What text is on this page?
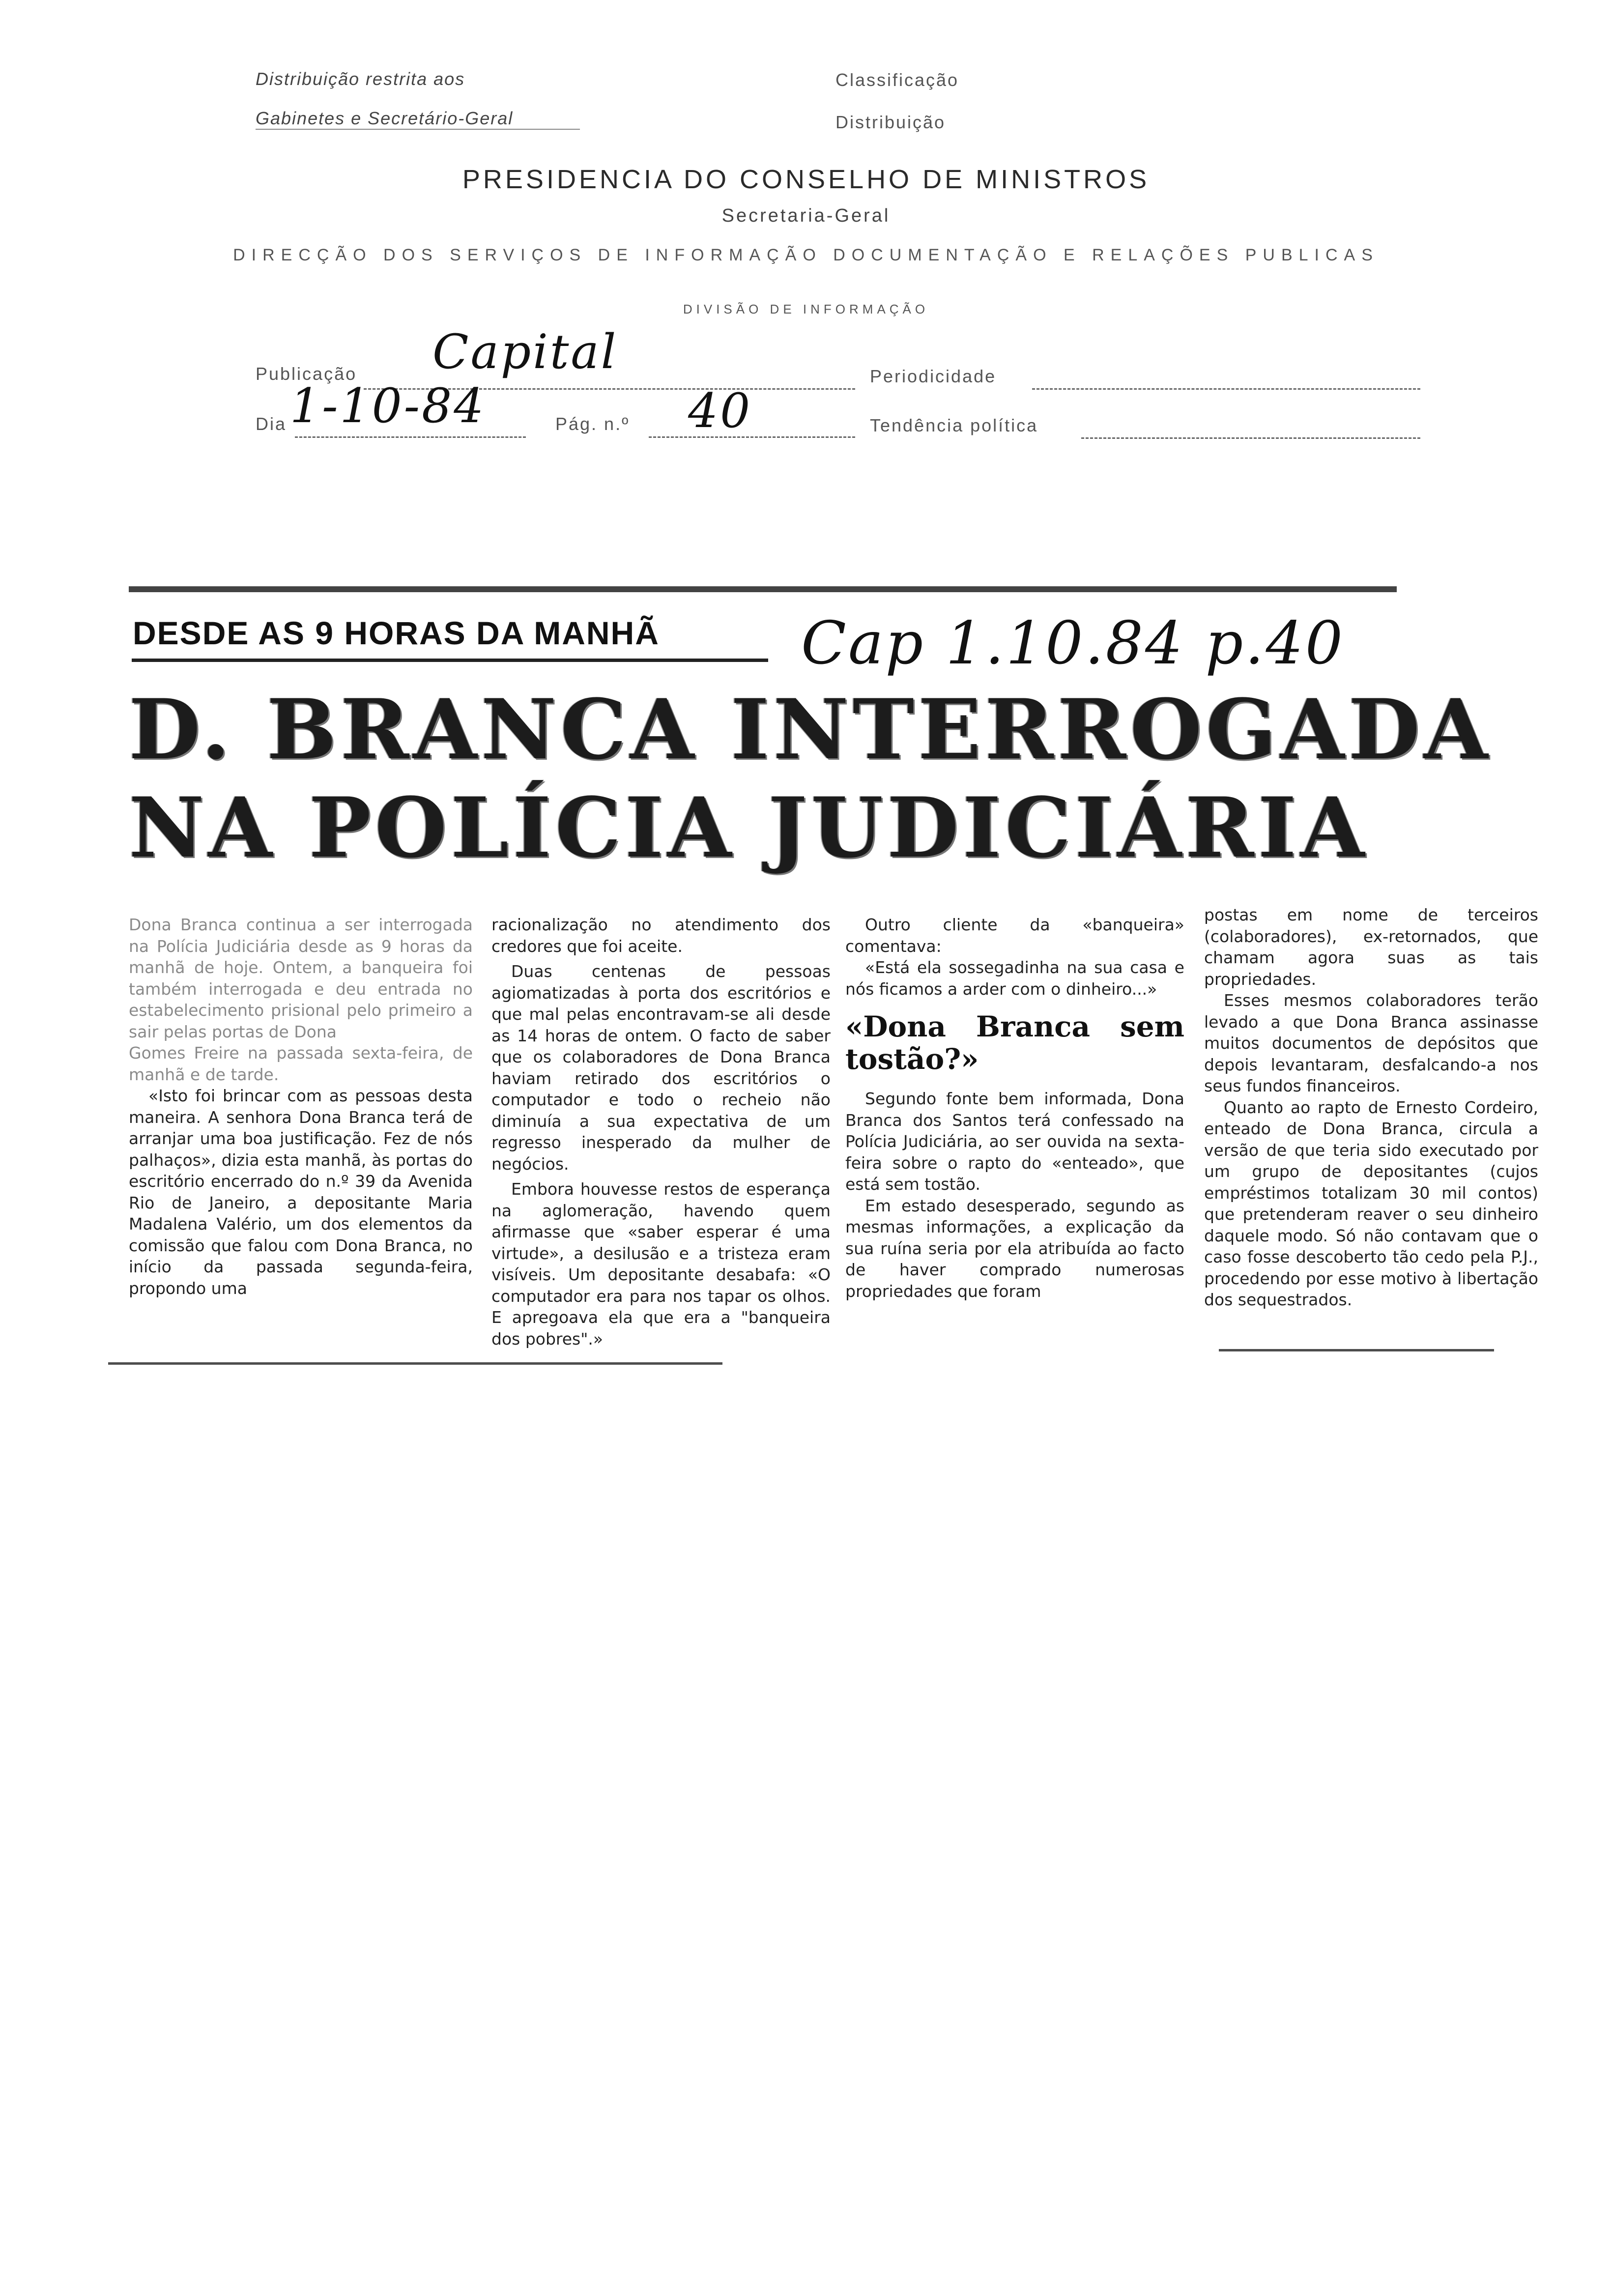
Distribuição restrita aos
Gabinetes e Secretário-Geral
Classificação
Distribuição
PRESIDENCIA DO CONSELHO DE MINISTROS
Secretaria-Geral
DIRECÇÃO DOS SERVIÇOS DE INFORMAÇÃO DOCUMENTAÇÃO E RELAÇÕES PUBLICAS
DIVISÃO DE INFORMAÇÃO
Publicação Capital	Periodicidade
Dia 1-10-84	Pág. n.º 40	Tendência política
DESDE AS 9 HORAS DA MANHÃ Cap 1.10.84 p.40
D. BRANCA INTERROGADA
NA POLÍCIA JUDICIÁRIA

Dona Branca continua a ser interrogada na Polícia Judiciária desde as 9 horas da manhã de hoje. Ontem, a banqueira foi também interrogada e deu entrada no estabelecimento prisional pelo primeiro a sair pelas portas de Dona

Gomes Freire na passada sexta-feira, de manhã e de tarde.

«Isto foi brincar com as pessoas desta maneira. A senhora Dona Branca terá de arranjar uma boa justificação. Fez de nós palhaços», dizia esta manhã, às portas do escritório encerrado do n.º 39 da Avenida Rio de Janeiro, a depositante Maria Madalena Valério, um dos elementos da comissão que falou com Dona Branca, no início da passada segunda-feira, propondo uma

racionalização no atendimento dos credores que foi aceite.

Duas centenas de pessoas agiomatizadas à porta dos escritórios e que mal pelas encontravam-se ali desde as 14 horas de ontem. O facto de saber que os colaboradores de Dona Branca haviam retirado dos escritórios o computador e todo o recheio não diminuía a sua expectativa de um regresso inesperado da mulher de negócios.

Embora houvesse restos de esperança na aglomeração, havendo quem afirmasse que «saber esperar é uma virtude», a desilusão e a tristeza eram visíveis. Um depositante desabafa: «O computador era para nos tapar os olhos. E apregoava ela que era a "banqueira dos pobres".»

Outro cliente da «banqueira» comentava:

«Está ela sossegadinha na sua casa e nós ficamos a arder com o dinheiro...»

«Dona Branca sem tostão?»

Segundo fonte bem informada, Dona Branca dos Santos terá confessado na Polícia Judiciária, ao ser ouvida na sexta-feira sobre o rapto do «enteado», que está sem tostão.

Em estado desesperado, segundo as mesmas informações, a explicação da sua ruína seria por ela atribuída ao facto de haver comprado numerosas propriedades que foram

postas em nome de terceiros (colaboradores), ex-retornados, que chamam agora suas as tais propriedades.

Esses mesmos colaboradores terão levado a que Dona Branca assinasse muitos documentos de depósitos que depois levantaram, desfalcando-a nos seus fundos financeiros.

Quanto ao rapto de Ernesto Cordeiro, enteado de Dona Branca, circula a versão de que teria sido executado por um grupo de depositantes (cujos empréstimos totalizam 30 mil contos) que pretenderam reaver o seu dinheiro daquele modo. Só não contavam que o caso fosse descoberto tão cedo pela P.J., procedendo por esse motivo à libertação dos sequestrados.
